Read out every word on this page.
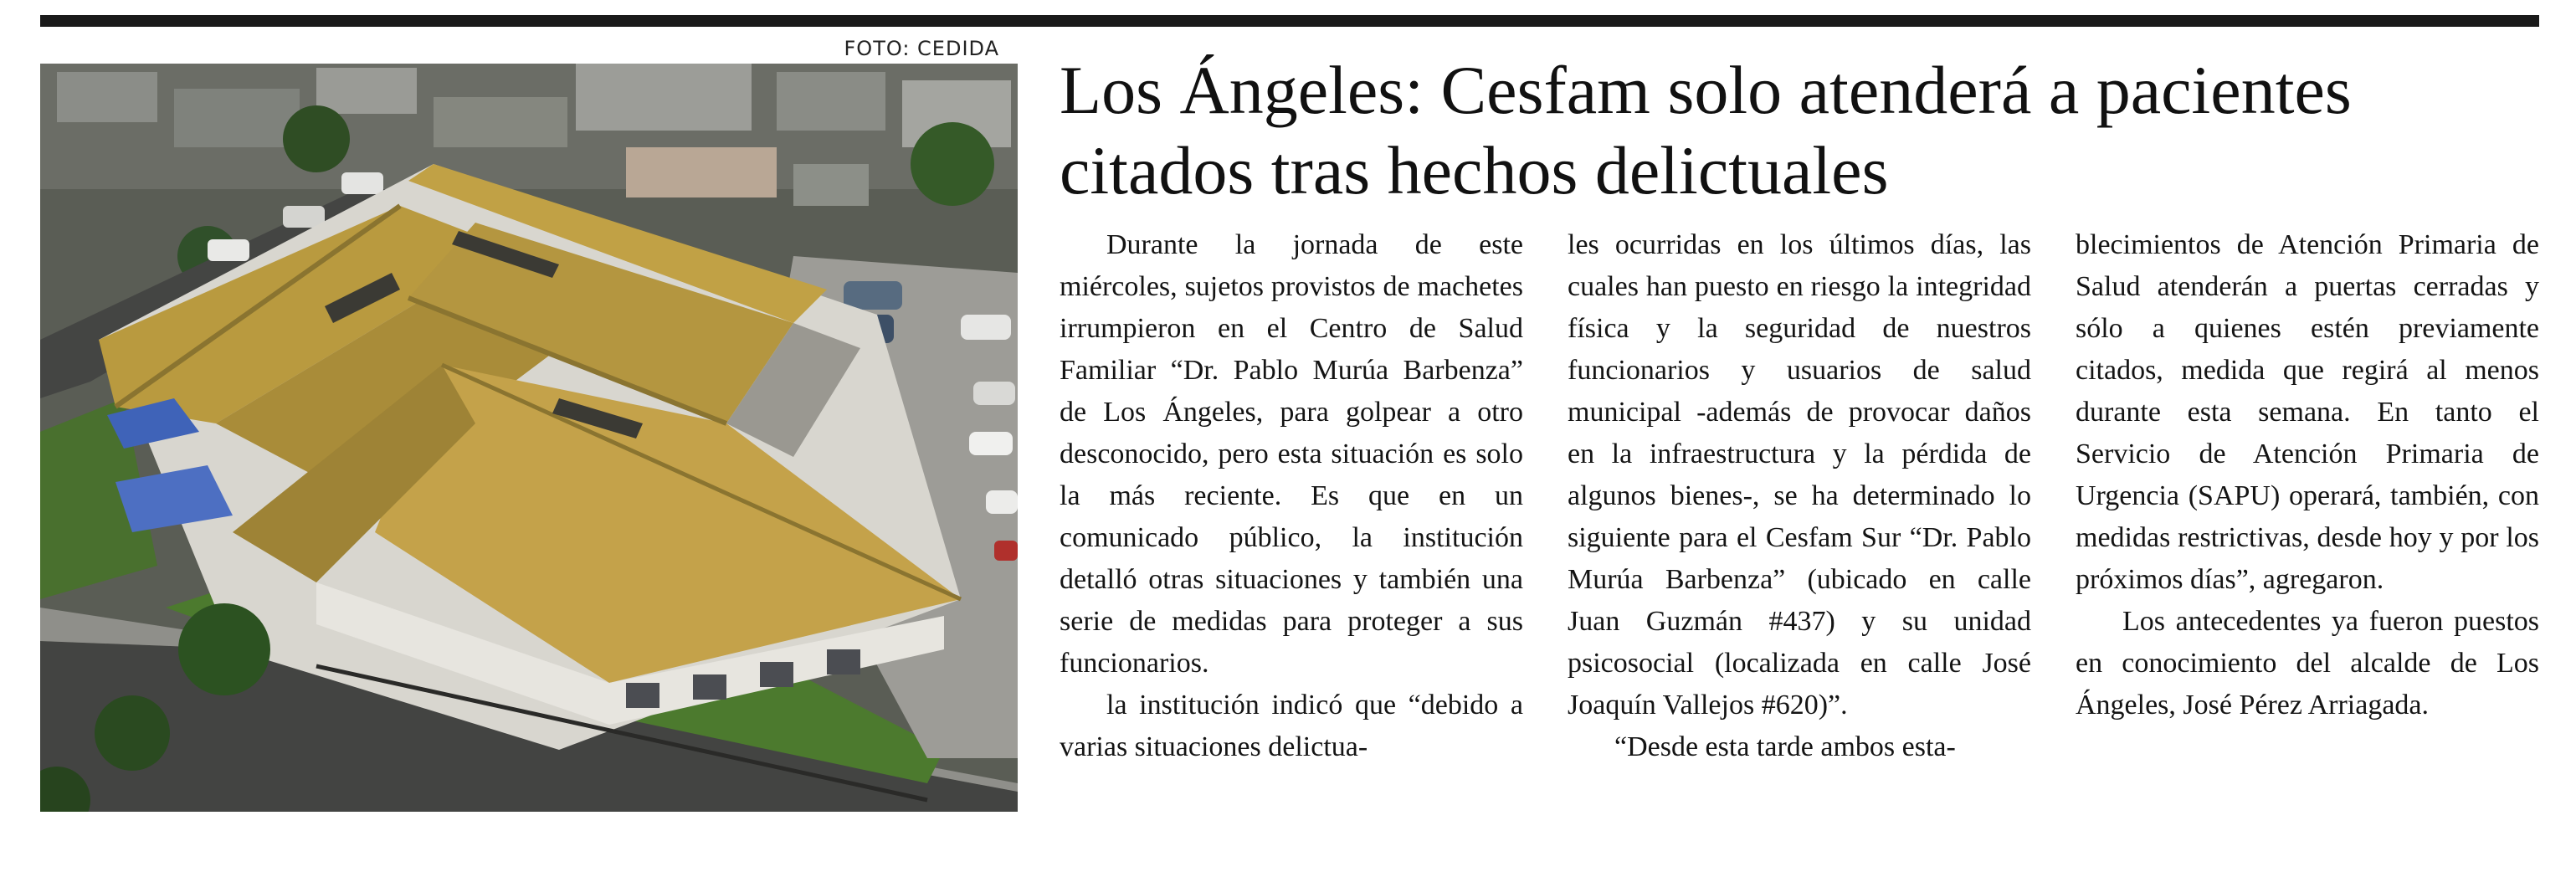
FOTO: CEDIDA
Los Ángeles: Cesfam solo atenderá a pacientes citados tras hechos delictuales

Durante la jornada de este miércoles, sujetos provistos de machetes irrumpieron en el Centro de Salud Familiar “Dr. Pablo Murúa Barbenza” de Los Ángeles, para golpear a otro desconocido, pero esta situación es solo la más reciente. Es que en un comunicado público, la institución detalló otras situaciones y también una serie de medidas para proteger a sus funcionarios.

la institución indicó que “debido a varias situaciones delictua-

les ocurridas en los últimos días, las cuales han puesto en riesgo la integridad física y la seguridad de nuestros funcionarios y usuarios de salud municipal -además de provocar daños en la infraestructura y la pérdida de algunos bienes-, se ha determinado lo siguiente para el Cesfam Sur “Dr. Pablo Murúa Barbenza” (ubicado en calle Juan Guzmán #437) y su unidad psicosocial (localizada en calle José Joaquín Vallejos #620)”.

“Desde esta tarde ambos esta-

blecimientos de Atención Primaria de Salud atenderán a puertas cerradas y sólo a quienes estén previamente citados, medida que regirá al menos durante esta semana. En tanto el Servicio de Atención Primaria de Urgencia (SAPU) operará, también, con medidas restrictivas, desde hoy y por los próximos días”, agregaron.

Los antecedentes ya fueron puestos en conocimiento del alcalde de Los Ángeles, José Pérez Arriagada.
